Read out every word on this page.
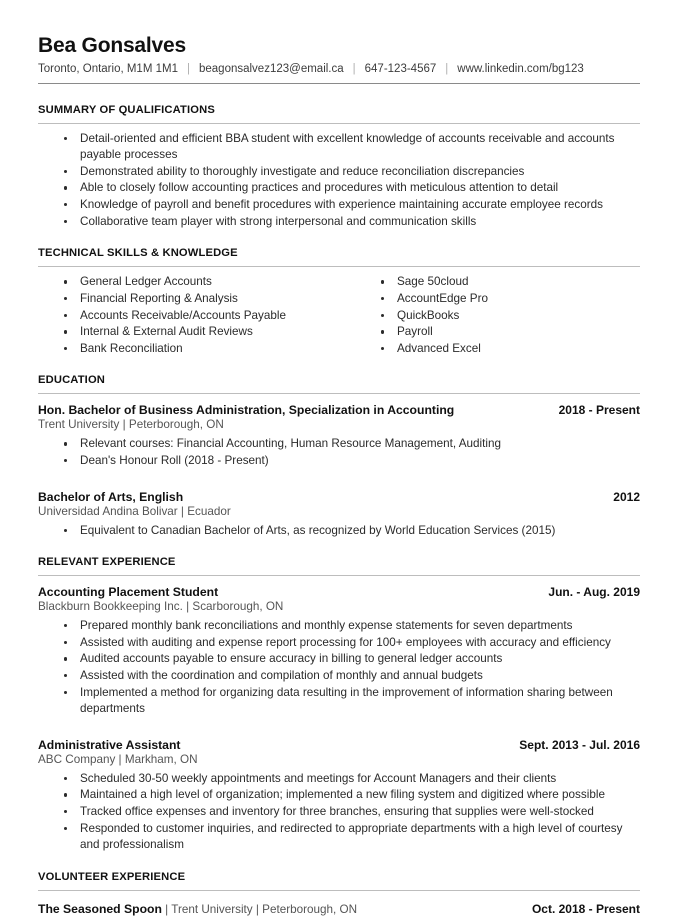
Bea Gonsalves
Toronto, Ontario, M1M 1M1 | beagonsalvez123@email.ca | 647-123-4567 | www.linkedin.com/bg123
SUMMARY OF QUALIFICATIONS
Detail-oriented and efficient BBA student with excellent knowledge of accounts receivable and accounts payable processes
Demonstrated ability to thoroughly investigate and reduce reconciliation discrepancies
Able to closely follow accounting practices and procedures with meticulous attention to detail
Knowledge of payroll and benefit procedures with experience maintaining accurate employee records
Collaborative team player with strong interpersonal and communication skills
TECHNICAL SKILLS & KNOWLEDGE
General Ledger Accounts
Financial Reporting & Analysis
Accounts Receivable/Accounts Payable
Internal & External Audit Reviews
Bank Reconciliation
Sage 50cloud
AccountEdge Pro
QuickBooks
Payroll
Advanced Excel
EDUCATION
Hon. Bachelor of Business Administration, Specialization in Accounting	2018 - Present
Trent University | Peterborough, ON
Relevant courses: Financial Accounting, Human Resource Management, Auditing
Dean's Honour Roll (2018 - Present)
Bachelor of Arts, English	2012
Universidad Andina Bolivar | Ecuador
Equivalent to Canadian Bachelor of Arts, as recognized by World Education Services (2015)
RELEVANT EXPERIENCE
Accounting Placement Student	Jun. - Aug. 2019
Blackburn Bookkeeping Inc. | Scarborough, ON
Prepared monthly bank reconciliations and monthly expense statements for seven departments
Assisted with auditing and expense report processing for 100+ employees with accuracy and efficiency
Audited accounts payable to ensure accuracy in billing to general ledger accounts
Assisted with the coordination and compilation of monthly and annual budgets
Implemented a method for organizing data resulting in the improvement of information sharing between departments
Administrative Assistant	Sept. 2013 - Jul. 2016
ABC Company | Markham, ON
Scheduled 30-50 weekly appointments and meetings for Account Managers and their clients
Maintained a high level of organization; implemented a new filing system and digitized where possible
Tracked office expenses and inventory for three branches, ensuring that supplies were well-stocked
Responded to customer inquiries, and redirected to appropriate departments with a high level of courtesy and professionalism
VOLUNTEER EXPERIENCE
The Seasoned Spoon | Trent University | Peterborough, ON	Oct. 2018 - Present
